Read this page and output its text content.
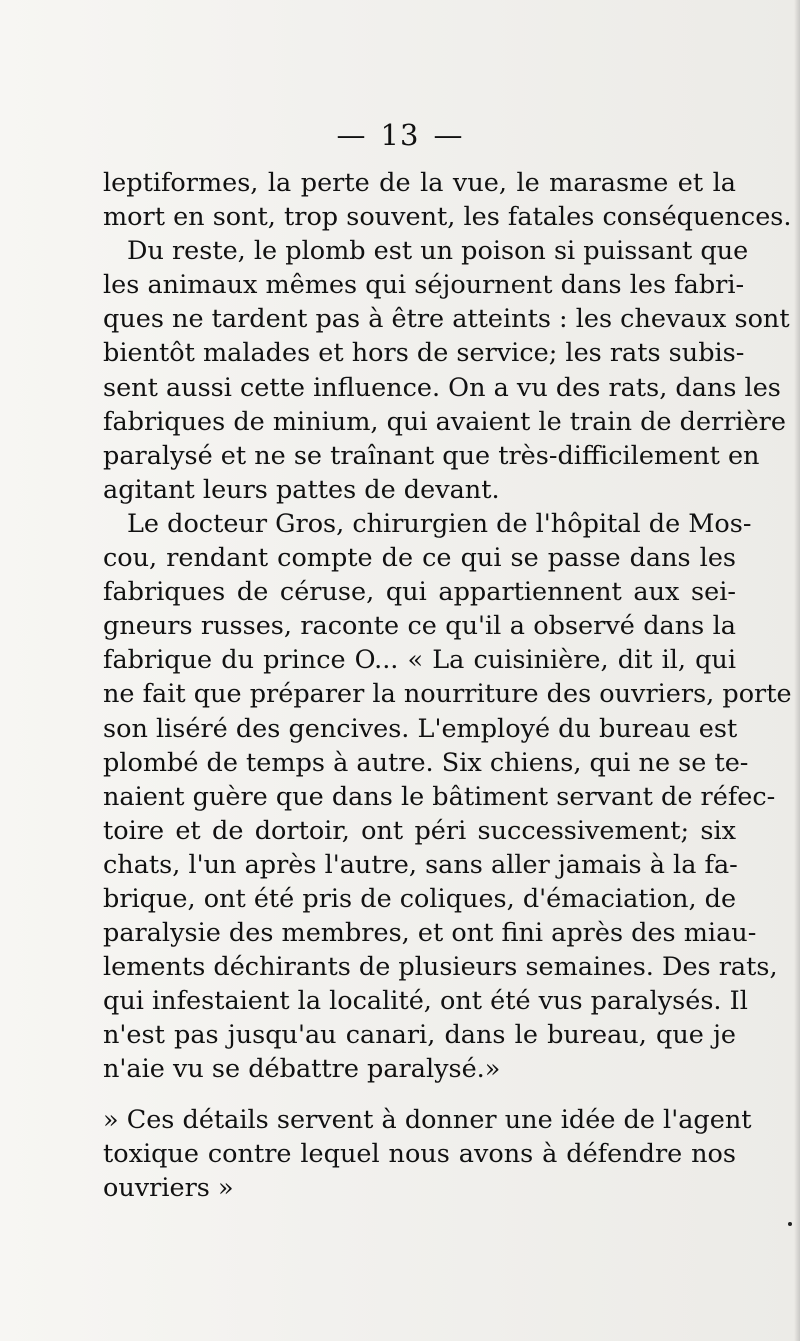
— 13 —
leptiformes, la perte de la vue, le marasme et la
mort en sont, trop souvent, les fatales conséquences.
Du reste, le plomb est un poison si puissant que
les animaux mêmes qui séjournent dans les fabri-
ques ne tardent pas à être atteints : les chevaux sont
bientôt malades et hors de service; les rats subis-
sent aussi cette influence. On a vu des rats, dans les
fabriques de minium, qui avaient le train de derrière
paralysé et ne se traînant que très-difficilement en
agitant leurs pattes de devant.
Le docteur Gros, chirurgien de l'hôpital de Mos-
cou, rendant compte de ce qui se passe dans les
fabriques de céruse, qui appartiennent aux sei-
gneurs russes, raconte ce qu'il a observé dans la
fabrique du prince O... « La cuisinière, dit il, qui
ne fait que préparer la nourriture des ouvriers, porte
son liséré des gencives. L'employé du bureau est
plombé de temps à autre. Six chiens, qui ne se te-
naient guère que dans le bâtiment servant de réfec-
toire et de dortoir, ont péri successivement; six
chats, l'un après l'autre, sans aller jamais à la fa-
brique, ont été pris de coliques, d'émaciation, de
paralysie des membres, et ont fini après des miau-
lements déchirants de plusieurs semaines. Des rats,
qui infestaient la localité, ont été vus paralysés. Il
n'est pas jusqu'au canari, dans le bureau, que je
n'aie vu se débattre paralysé.»
» Ces détails servent à donner une idée de l'agent
toxique contre lequel nous avons à défendre nos
ouvriers »
